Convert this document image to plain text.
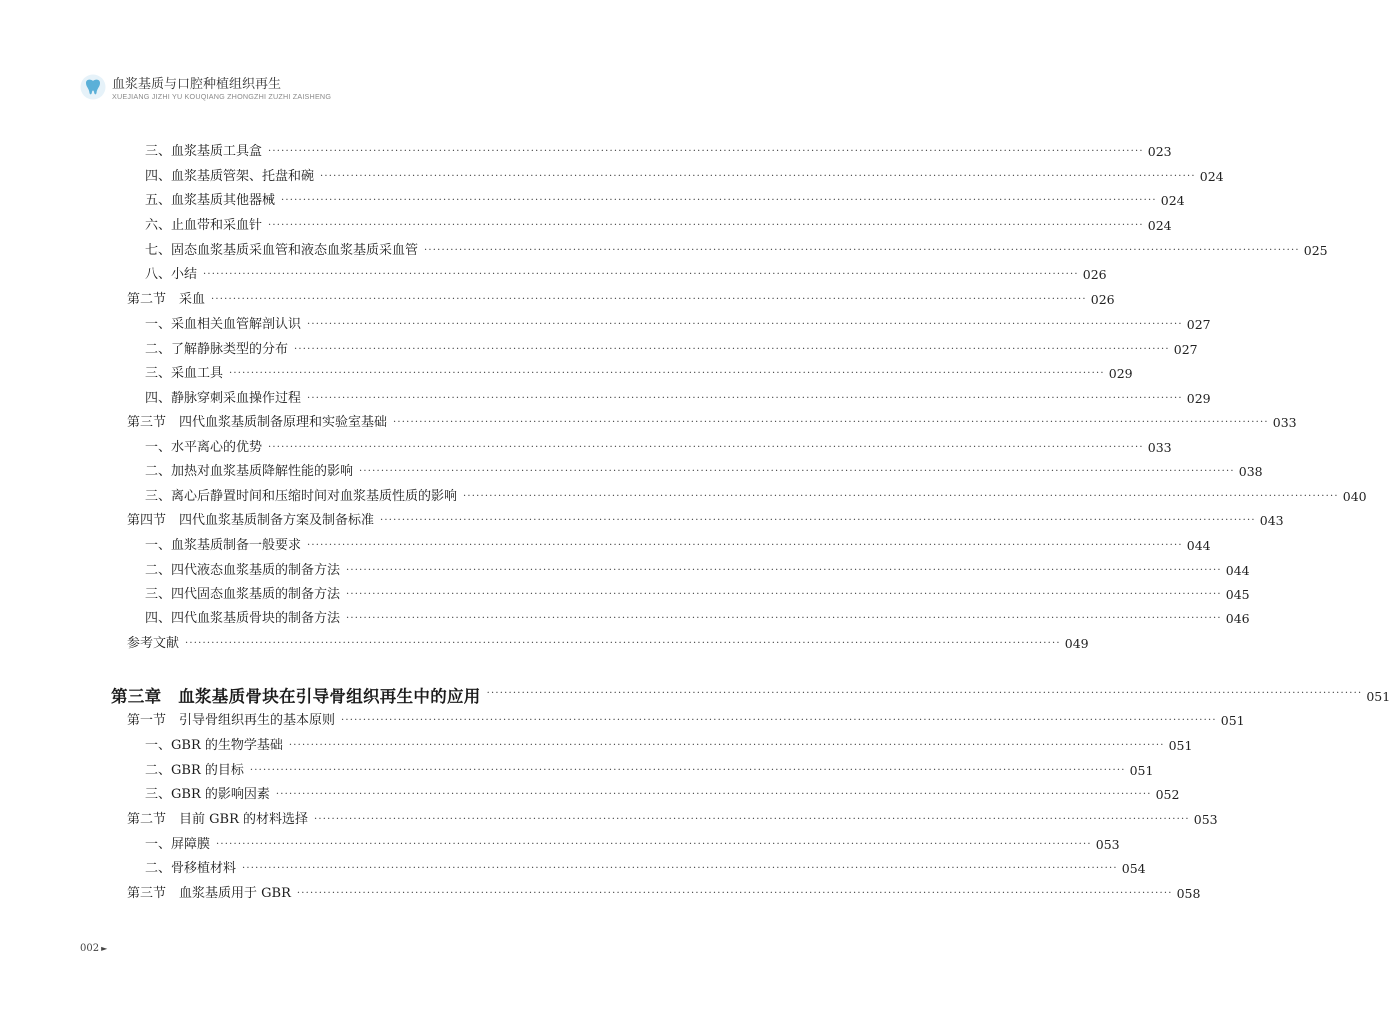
血浆基质与口腔种植组织再生
XUEJIANG JIZHI YU KOUQIANG ZHONGZHI ZUZHI ZAISHENG
三、血浆基质工具盒 ········································································································································································································ 023
四、血浆基质管架、托盘和碗 ········································································································································································································ 024
五、血浆基质其他器械 ········································································································································································································ 024
六、止血带和采血针 ········································································································································································································ 024
七、固态血浆基质采血管和液态血浆基质采血管 ········································································································································································································ 025
八、小结 ········································································································································································································ 026
第二节　采血 ········································································································································································································ 026
一、采血相关血管解剖认识 ········································································································································································································ 027
二、了解静脉类型的分布 ········································································································································································································ 027
三、采血工具 ········································································································································································································ 029
四、静脉穿刺采血操作过程 ········································································································································································································ 029
第三节　四代血浆基质制备原理和实验室基础 ········································································································································································································ 033
一、水平离心的优势 ········································································································································································································ 033
二、加热对血浆基质降解性能的影响 ········································································································································································································ 038
三、离心后静置时间和压缩时间对血浆基质性质的影响 ········································································································································································································ 040
第四节　四代血浆基质制备方案及制备标准 ········································································································································································································ 043
一、血浆基质制备一般要求 ········································································································································································································ 044
二、四代液态血浆基质的制备方法 ········································································································································································································ 044
三、四代固态血浆基质的制备方法 ········································································································································································································ 045
四、四代血浆基质骨块的制备方法 ········································································································································································································ 046
参考文献 ········································································································································································································ 049
第三章　血浆基质骨块在引导骨组织再生中的应用 ········································································································································································································ 051
第一节　引导骨组织再生的基本原则 ········································································································································································································ 051
一、GBR 的生物学基础 ········································································································································································································ 051
二、GBR 的目标 ········································································································································································································ 051
三、GBR 的影响因素 ········································································································································································································ 052
第二节　目前 GBR 的材料选择 ········································································································································································································ 053
一、屏障膜 ········································································································································································································ 053
二、骨移植材料 ········································································································································································································ 054
第三节　血浆基质用于 GBR ········································································································································································································ 058
002 ►
